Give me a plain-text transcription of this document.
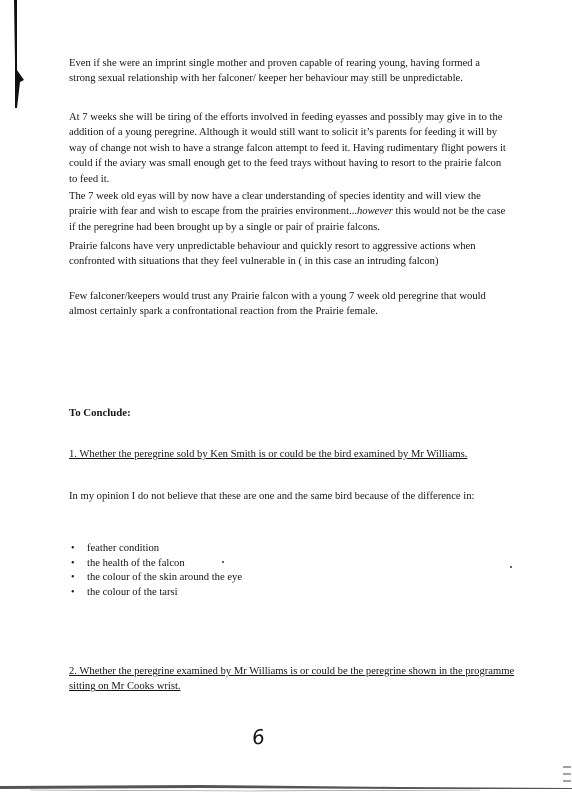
Even if she were an imprint single mother and proven capable of rearing young, having formed a strong sexual relationship with her falconer/ keeper her behaviour may still be unpredictable.

At 7 weeks she will be tiring of the efforts involved in feeding eyasses and possibly may give in to the addition of a young peregrine. Although it would still want to solicit it’s parents for feeding it will by way of change not wish to have a strange falcon attempt to feed it. Having rudimentary flight powers it could if the aviary was small enough get to the feed trays without having to resort to the prairie falcon to feed it.

The 7 week old eyas will by now have a clear understanding of species identity and will view the prairie with fear and wish to escape from the prairies environment...however this would not be the case if the peregrine had been brought up by a single or pair of prairie falcons.

Prairie falcons have very unpredictable behaviour and quickly resort to aggressive actions when confronted with situations that they feel vulnerable in ( in this case an intruding falcon)

Few falconer/keepers would trust any Prairie falcon with a young 7 week old peregrine that would almost certainly spark a confrontational reaction from the Prairie female.

To Conclude:

1. Whether the peregrine sold by Ken Smith is or could be the bird examined by Mr Williams.

In my opinion I do not believe that these are one and the same bird because of the difference in:

• feather condition
• the health of the falcon
• the colour of the skin around the eye
• the colour of the tarsi

2. Whether the peregrine examined by Mr Williams is or could be the peregrine shown in the programme sitting on Mr Cooks wrist.

6
